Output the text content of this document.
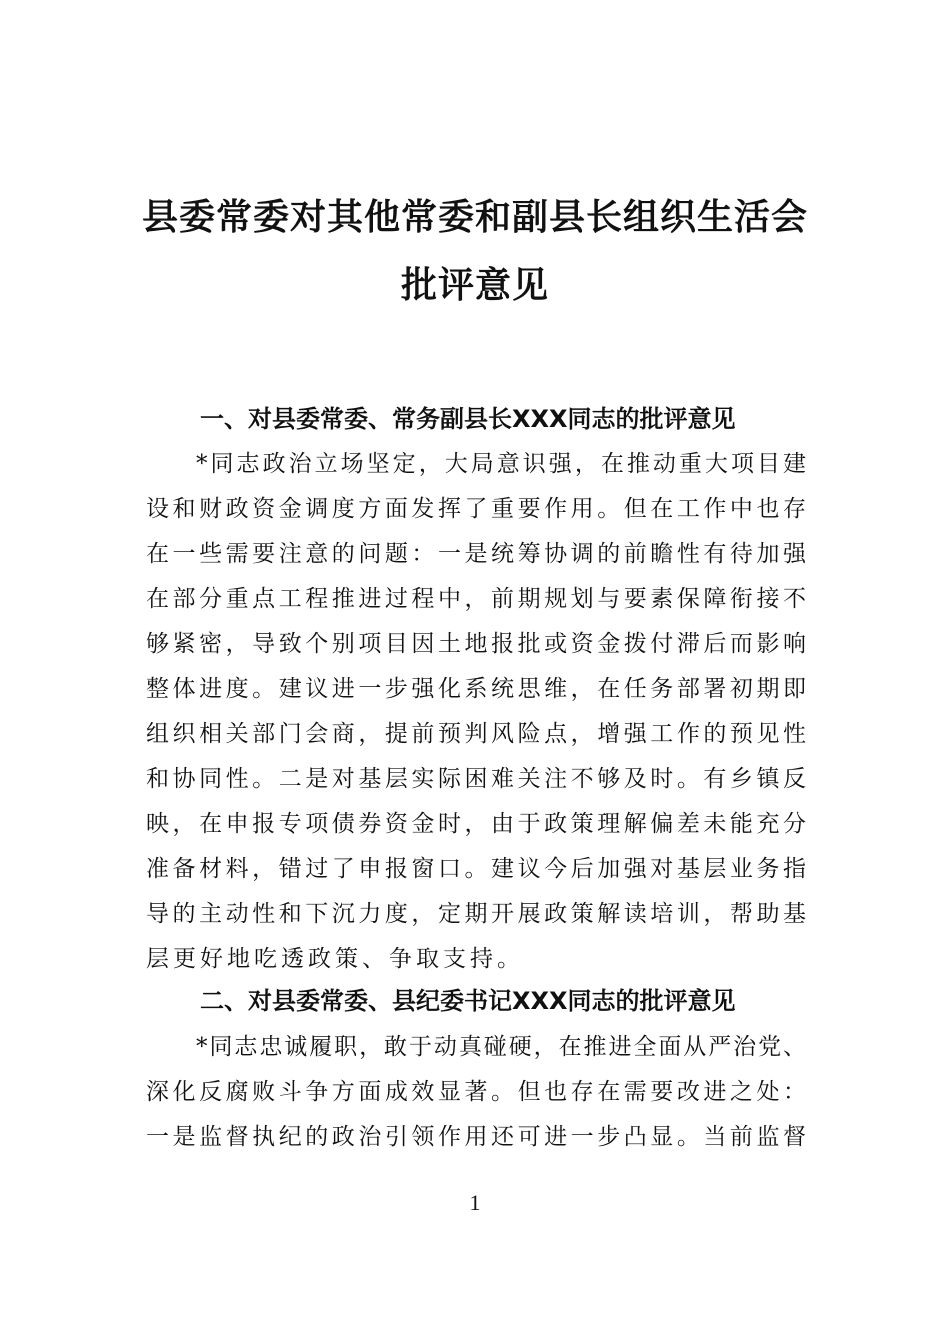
县委常委对其他常委和副县长组织生活会
批评意见
一、对县委常委、常务副县长XXX同志的批评意见
*同志政治立场坚定，大局意识强，在推动重大项目建
设和财政资金调度方面发挥了重要作用。但在工作中也存
在一些需要注意的问题：一是统筹协调的前瞻性有待加强
在部分重点工程推进过程中，前期规划与要素保障衔接不
够紧密，导致个别项目因土地报批或资金拨付滞后而影响
整体进度。建议进一步强化系统思维，在任务部署初期即
组织相关部门会商，提前预判风险点，增强工作的预见性
和协同性。二是对基层实际困难关注不够及时。有乡镇反
映，在申报专项债券资金时，由于政策理解偏差未能充分
准备材料，错过了申报窗口。建议今后加强对基层业务指
导的主动性和下沉力度，定期开展政策解读培训，帮助基
层更好地吃透政策、争取支持。
二、对县委常委、县纪委书记XXX同志的批评意见
*同志忠诚履职，敢于动真碰硬，在推进全面从严治党、
深化反腐败斗争方面成效显著。但也存在需要改进之处：
一是监督执纪的政治引领作用还可进一步凸显。当前监督
1
